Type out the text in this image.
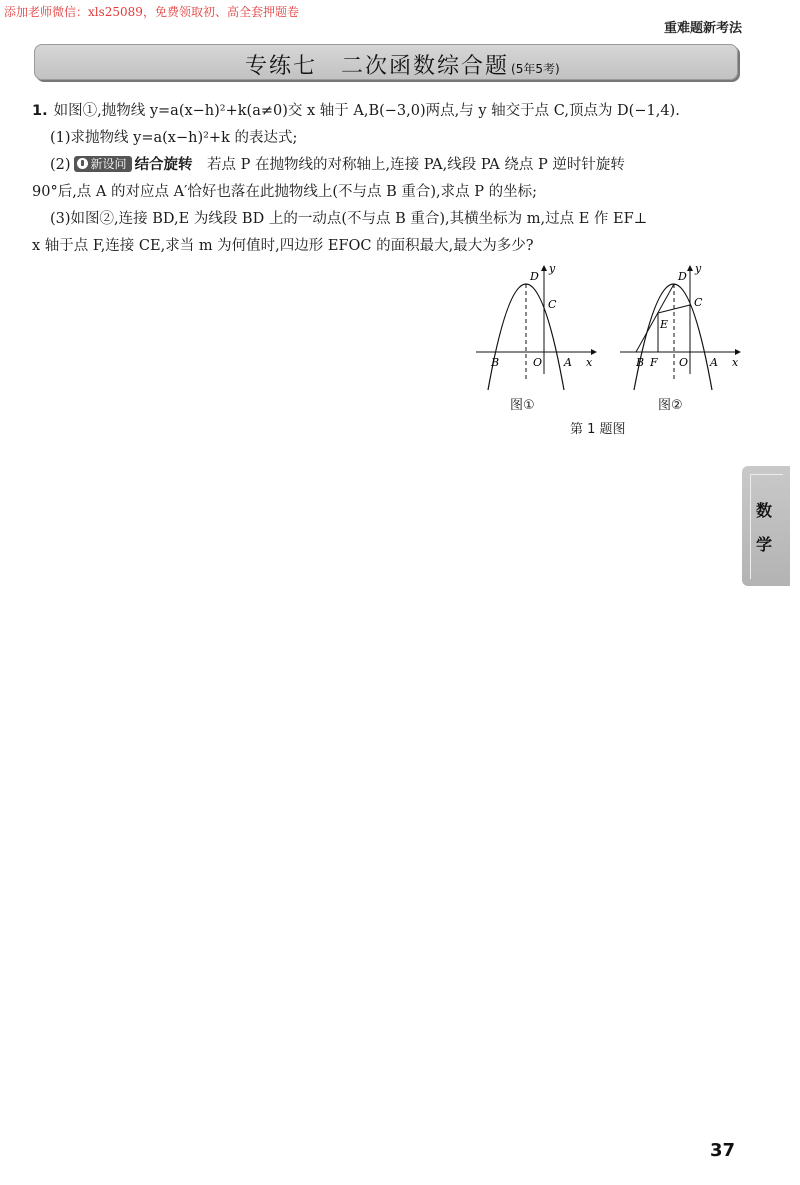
添加老师微信：xls25089，免费领取初、高全套押题卷
重难题新考法
专练七　二次函数综合题 (5年5考)
1. 如图①,抛物线 y=a(x−h)²+k(a≠0)交 x 轴于 A,B(−3,0)两点,与 y 轴交于点 C,顶点为 D(−1,4).
(1)求抛物线 y=a(x−h)²+k 的表达式;
(2) 新设问 结合旋转　若点 P 在抛物线的对称轴上,连接 PA,线段 PA 绕点 P 逆时针旋转
90°后,点 A 的对应点 A′恰好也落在此抛物线上(不与点 B 重合),求点 P 的坐标;
(3)如图②,连接 BD,E 为线段 BD 上的一动点(不与点 B 重合),其横坐标为 m,过点 E 作 EF⊥
x 轴于点 F,连接 CE,求当 m 为何值时,四边形 EFOC 的面积最大,最大为多少?
D
y
C
B	O A x
D
y
C
E
B F O A x
图①	图②
第 1 题图
数
学
37
